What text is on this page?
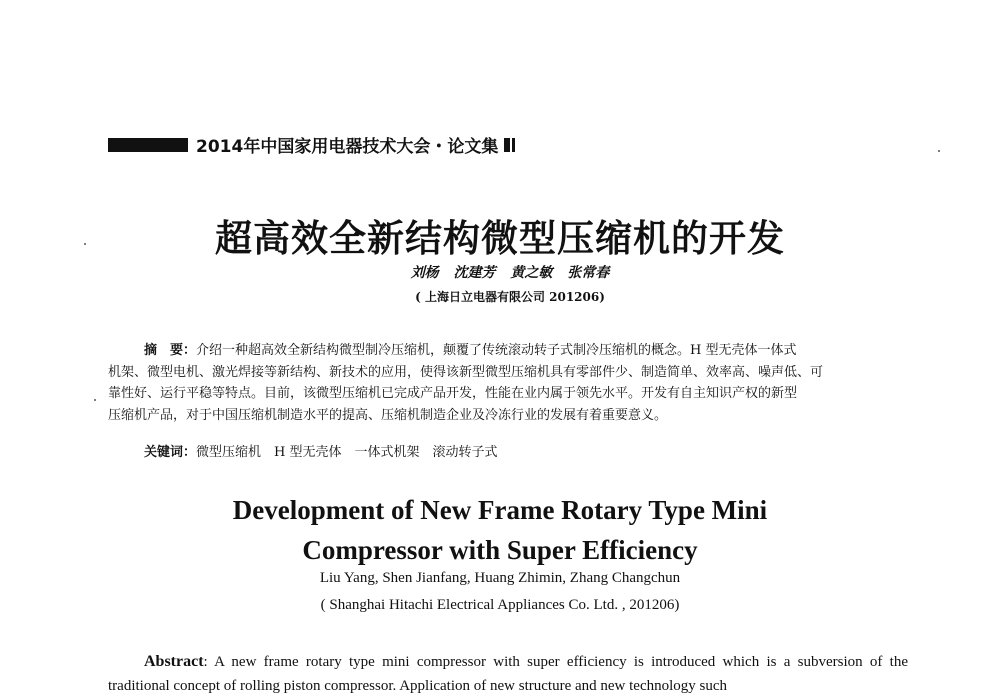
2014年中国家用电器技术大会・论文集
超高效全新结构微型压缩机的开发
刘杨 沈建芳 黄之敏 张常春
( 上海日立电器有限公司 201206)
摘　要：介绍一种超高效全新结构微型制冷压缩机，颠覆了传统滚动转子式制冷压缩机的概念。H 型无壳体一体式
机架、微型电机、激光焊接等新结构、新技术的应用，使得该新型微型压缩机具有零部件少、制造简单、效率高、噪声低、可
靠性好、运行平稳等特点。目前，该微型压缩机已完成产品开发，性能在业内属于领先水平。开发有自主知识产权的新型
压缩机产品，对于中国压缩机制造水平的提高、压缩机制造企业及冷冻行业的发展有着重要意义。
关键词：微型压缩机　H 型无壳体　一体式机架　滚动转子式
Development of New Frame Rotary Type Mini
Compressor with Super Efficiency
Liu Yang, Shen Jianfang, Huang Zhimin, Zhang Changchun
( Shanghai Hitachi Electrical Appliances Co. Ltd. , 201206)
Abstract: A new frame rotary type mini compressor with super efficiency is introduced which is a subversion of the traditional concept of rolling piston compressor. Application of new structure and new technology such
